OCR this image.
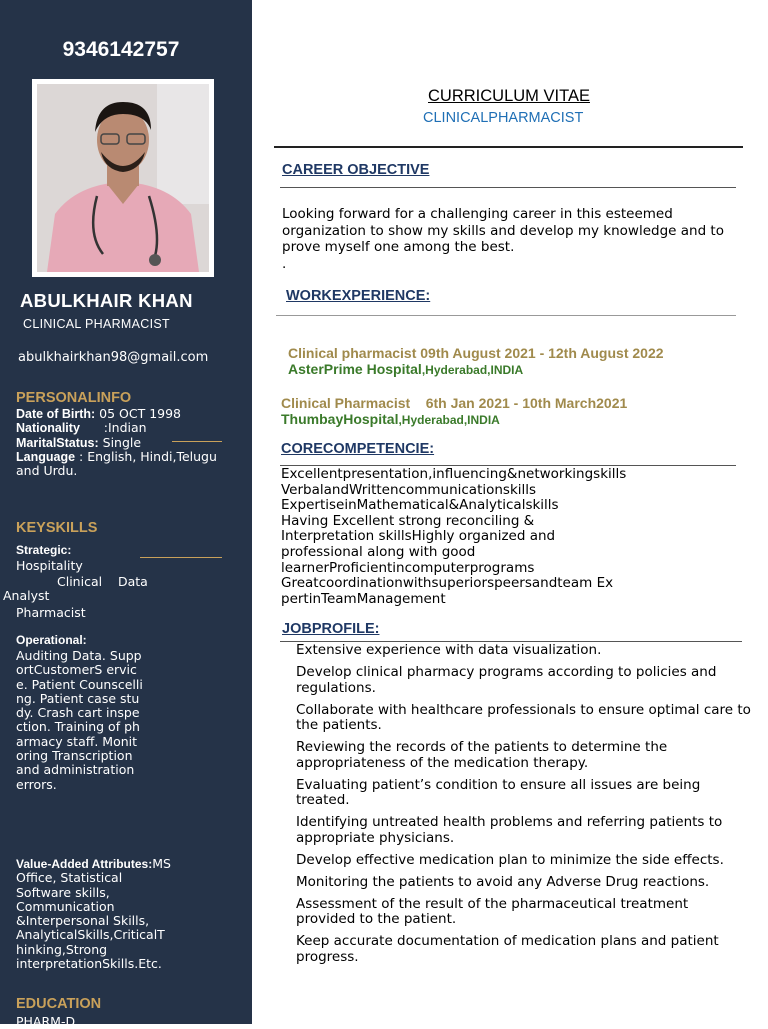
9346142757
ABULKHAIR KHAN
CLINICAL PHARMACIST
abulkhairkhan98@gmail.com
PERSONALINFO
Date of Birth: 05 OCT 1998
Nationality      :Indian
MaritalStatus: Single
Language : English, Hindi,Telugu and Urdu.
KEYSKILLS
Strategic:
Hospitality
Clinical    Data
Analyst
Pharmacist
Operational:
Auditing Data. SupportCustomerS ervice. Patient Counscelling. Patient case study. Crash cart inspection. Training of pharmacy staff. Monitoring Transcription and administration errors.
Value-Added Attributes:MS Office, Statistical Software skills, Communication &Interpersonal Skills, AnalyticalSkills,CriticalT hinking,Strong interpretationSkills.Etc.
EDUCATION
PHARM-D
CURRICULUM VITAE
CLINICALPHARMACIST
CAREER OBJECTIVE
Looking forward for a challenging career in this esteemed organization to show my skills and develop my knowledge and to prove myself one among the best.
.
WORKEXPERIENCE:
Clinical pharmacist 09th August 2021 - 12th August 2022
AsterPrime Hospital,Hyderabad,INDIA
Clinical Pharmacist    6th Jan 2021 - 10th March2021
ThumbayHospital,Hyderabad,INDIA
CORECOMPETENCIE:
Excellentpresentation,influencing&networkingskills
VerbalandWrittencommunicationskills
ExpertiseinMathematical&Analyticalskills
Having Excellent strong reconciling &
Interpretation skillsHighly organized and
professional along with good
learnerProficientincomputerprograms
Greatcoordinationwithsuperiorspeersandteam Ex
pertinTeamManagement
JOBPROFILE:
Extensive experience with data visualization.
Develop clinical pharmacy programs according to policies and regulations.
Collaborate with healthcare professionals to ensure optimal care to the patients.
Reviewing the records of the patients to determine the appropriateness of the medication therapy.
Evaluating patient’s condition to ensure all issues are being treated.
Identifying untreated health problems and referring patients to appropriate physicians.
Develop effective medication plan to minimize the side effects.
Monitoring the patients to avoid any Adverse Drug reactions.
Assessment of the result of the pharmaceutical treatment provided to the patient.
Keep accurate documentation of medication plans and patient progress.
